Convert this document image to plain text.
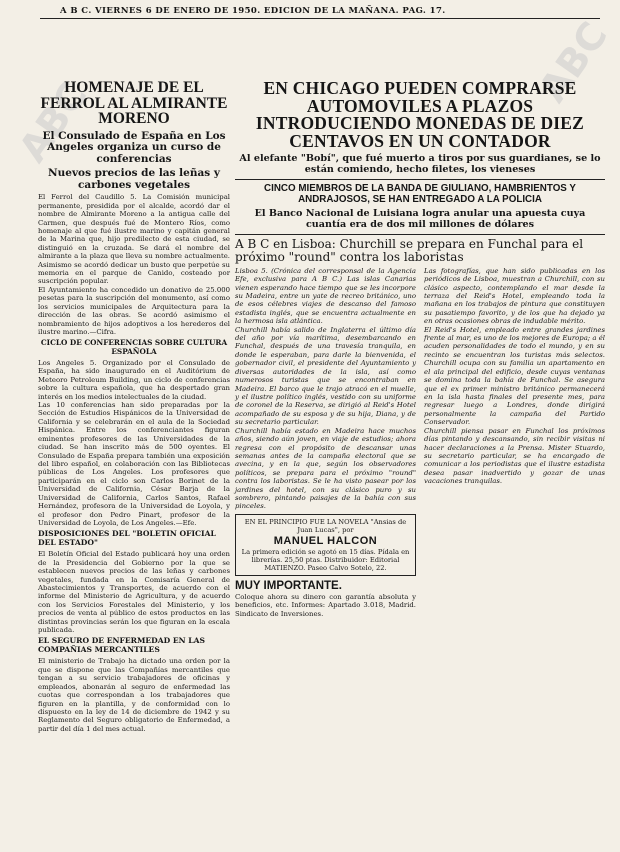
ABC
ABC
A B C. VIERNES 6 DE ENERO DE 1950. EDICION DE LA MAÑANA. PAG. 17.
HOMENAJE DE EL FERROL AL ALMIRANTE MORENO
El Consulado de España en Los Angeles organiza un curso de conferencias
Nuevos precios de las leñas y carbones vegetales

El Ferrol del Caudillo 5. La Comisión municipal permanente, presidida por el alcalde, acordó dar el nombre de Almirante Moreno a la antigua calle del Carmen, que después fué de Montero Ríos, como homenaje al que fué ilustre marino y capitán general de la Marina que, hijo predilecto de esta ciudad, se distinguió en la cruzada. Se dará el nombre del almirante a la plaza que lleva su nombre actualmente. Asimismo se acordó dedicar un busto que perpetúe su memoria en el parque de Canido, costeado por suscripción popular.

El Ayuntamiento ha concedido un donativo de 25.000 pesetas para la suscripción del monumento, así como los servicios municipales de Arquitectura para la dirección de las obras. Se acordó asimismo el nombramiento de hijos adoptivos a los herederos del ilustre marino.—Cifra.

CICLO DE CONFERENCIAS SOBRE CULTURA ESPAÑOLA

Los Angeles 5. Organizado por el Consulado de España, ha sido inaugurado en el Auditórium de Meteoro Petroleum Building, un ciclo de conferencias sobre la cultura española, que ha despertado gran interés en los medios intelectuales de la ciudad.

Las 10 conferencias han sido preparadas por la Sección de Estudios Hispánicos de la Universidad de California y se celebrarán en el aula de la Sociedad Hispánica. Entre los conferenciantes figuran eminentes profesores de las Universidades de la ciudad. Se han inscrito más de 500 oyentes. El Consulado de España prepara también una exposición del libro español, en colaboración con las Bibliotecas públicas de Los Angeles. Los profesores que participarán en el ciclo son Carlos Borinet de la Universidad de California, César Barja de la Universidad de California, Carlos Santos, Rafael Hernández, profesora de la Universidad de Loyola, y el profesor don Pedro Pinart, profesor de la Universidad de Loyola, de Los Angeles.—Efe.

DISPOSICIONES DEL "BOLETIN OFICIAL DEL ESTADO"

El Boletín Oficial del Estado publicará hoy una orden de la Presidencia del Gobierno por la que se establecen nuevos precios de las leñas y carbones vegetales, fundada en la Comisaría General de Abastecimientos y Transportes, de acuerdo con el informe del Ministerio de Agricultura, y de acuerdo con los Servicios Forestales del Ministerio, y los precios de venta al público de estos productos en las distintas provincias serán los que figuran en la escala publicada.

EL SEGURO DE ENFERMEDAD EN LAS COMPAÑIAS MERCANTILES

El ministerio de Trabajo ha dictado una orden por la que se dispone que las Compañías mercantiles que tengan a su servicio trabajadores de oficinas y empleados, abonarán al seguro de enfermedad las cuotas que correspondan a los trabajadores que figuren en la plantilla, y de conformidad con lo dispuesto en la ley de 14 de diciembre de 1942 y su Reglamento del Seguro obligatorio de Enfermedad, a partir del día 1 del mes actual.

EN CHICAGO PUEDEN COMPRARSE AUTOMOVILES A PLAZOS INTRODUCIENDO MONEDAS DE DIEZ CENTAVOS EN UN CONTADOR
Al elefante "Bobí", que fué muerto a tiros por sus guardianes, se lo están comiendo, hecho filetes, los vieneses
CINCO MIEMBROS DE LA BANDA DE GIULIANO, HAMBRIENTOS Y ANDRAJOSOS, SE HAN ENTREGADO A LA POLICIA
El Banco Nacional de Luisiana logra anular una apuesta cuya cuantía era de dos mil millones de dólares
A B C en Lisboa: Churchill se prepara en Funchal para el próximo "round" contra los laboristas

Lisboa 5. (Crónica del corresponsal de la Agencia Efe, exclusiva para A B C.) Las islas Canarias vienen esperando hace tiempo que se les incorpore su Madeira, entre un yate de recreo británico, uno de esos célebres viajes de descanso del famoso estadista inglés, que se encuentra actualmente en la hermosa isla atlántica.

Churchill había salido de Inglaterra el último día del año por vía marítima, desembarcando en Funchal, después de una travesía tranquila, en donde le esperaban, para darle la bienvenida, el gobernador civil, el presidente del Ayuntamiento y diversas autoridades de la isla, así como numerosos turistas que se encontraban en Madeira. El barco que le trajo atracó en el muelle, y el ilustre político inglés, vestido con su uniforme de coronel de la Reserva, se dirigió al Reid's Hotel acompañado de su esposa y de su hija, Diana, y de su secretario particular.

Churchill había estado en Madeira hace muchos años, siendo aún joven, en viaje de estudios; ahora regresa con el propósito de descansar unas semanas antes de la campaña electoral que se avecina, y en la que, según los observadores políticos, se prepara para el próximo "round" contra los laboristas. Se le ha visto pasear por los jardines del hotel, con su clásico puro y su sombrero, pintando paisajes de la bahía con sus pinceles.

EN EL PRINCIPIO FUE LA NOVELA "Ansias de Juan Lucas", por

MANUEL HALCON

La primera edición se agotó en 15 días. Pídala en librerías. 25,50 ptas. Distribuidor: Editorial MATIENZO. Paseo Calvo Sotelo, 22.

MUY IMPORTANTE.

Coloque ahora su dinero con garantía absoluta y beneficios, etc. Informes: Apartado 3.018, Madrid. Sindicato de Inversiones.

Las fotografías, que han sido publicadas en los periódicos de Lisboa, muestran a Churchill, con su clásico aspecto, contemplando el mar desde la terraza del Reid's Hotel, empleando toda la mañana en los trabajos de pintura que constituyen su pasatiempo favorito, y de los que ha dejado ya en otras ocasiones obras de indudable mérito.

El Reid's Hotel, empleado entre grandes jardines frente al mar, es uno de los mejores de Europa; a él acuden personalidades de todo el mundo, y en su recinto se encuentran los turistas más selectos. Churchill ocupa con su familia un apartamento en el ala principal del edificio, desde cuyas ventanas se domina toda la bahía de Funchal. Se asegura que el ex primer ministro británico permanecerá en la isla hasta finales del presente mes, para regresar luego a Londres, donde dirigirá personalmente la campaña del Partido Conservador.

Churchill piensa pasar en Funchal los próximos días pintando y descansando, sin recibir visitas ni hacer declaraciones a la Prensa. Mister Stuardo, su secretario particular, se ha encargado de comunicar a los periodistas que el ilustre estadista desea pasar inadvertido y gozar de unas vacaciones tranquilas.
